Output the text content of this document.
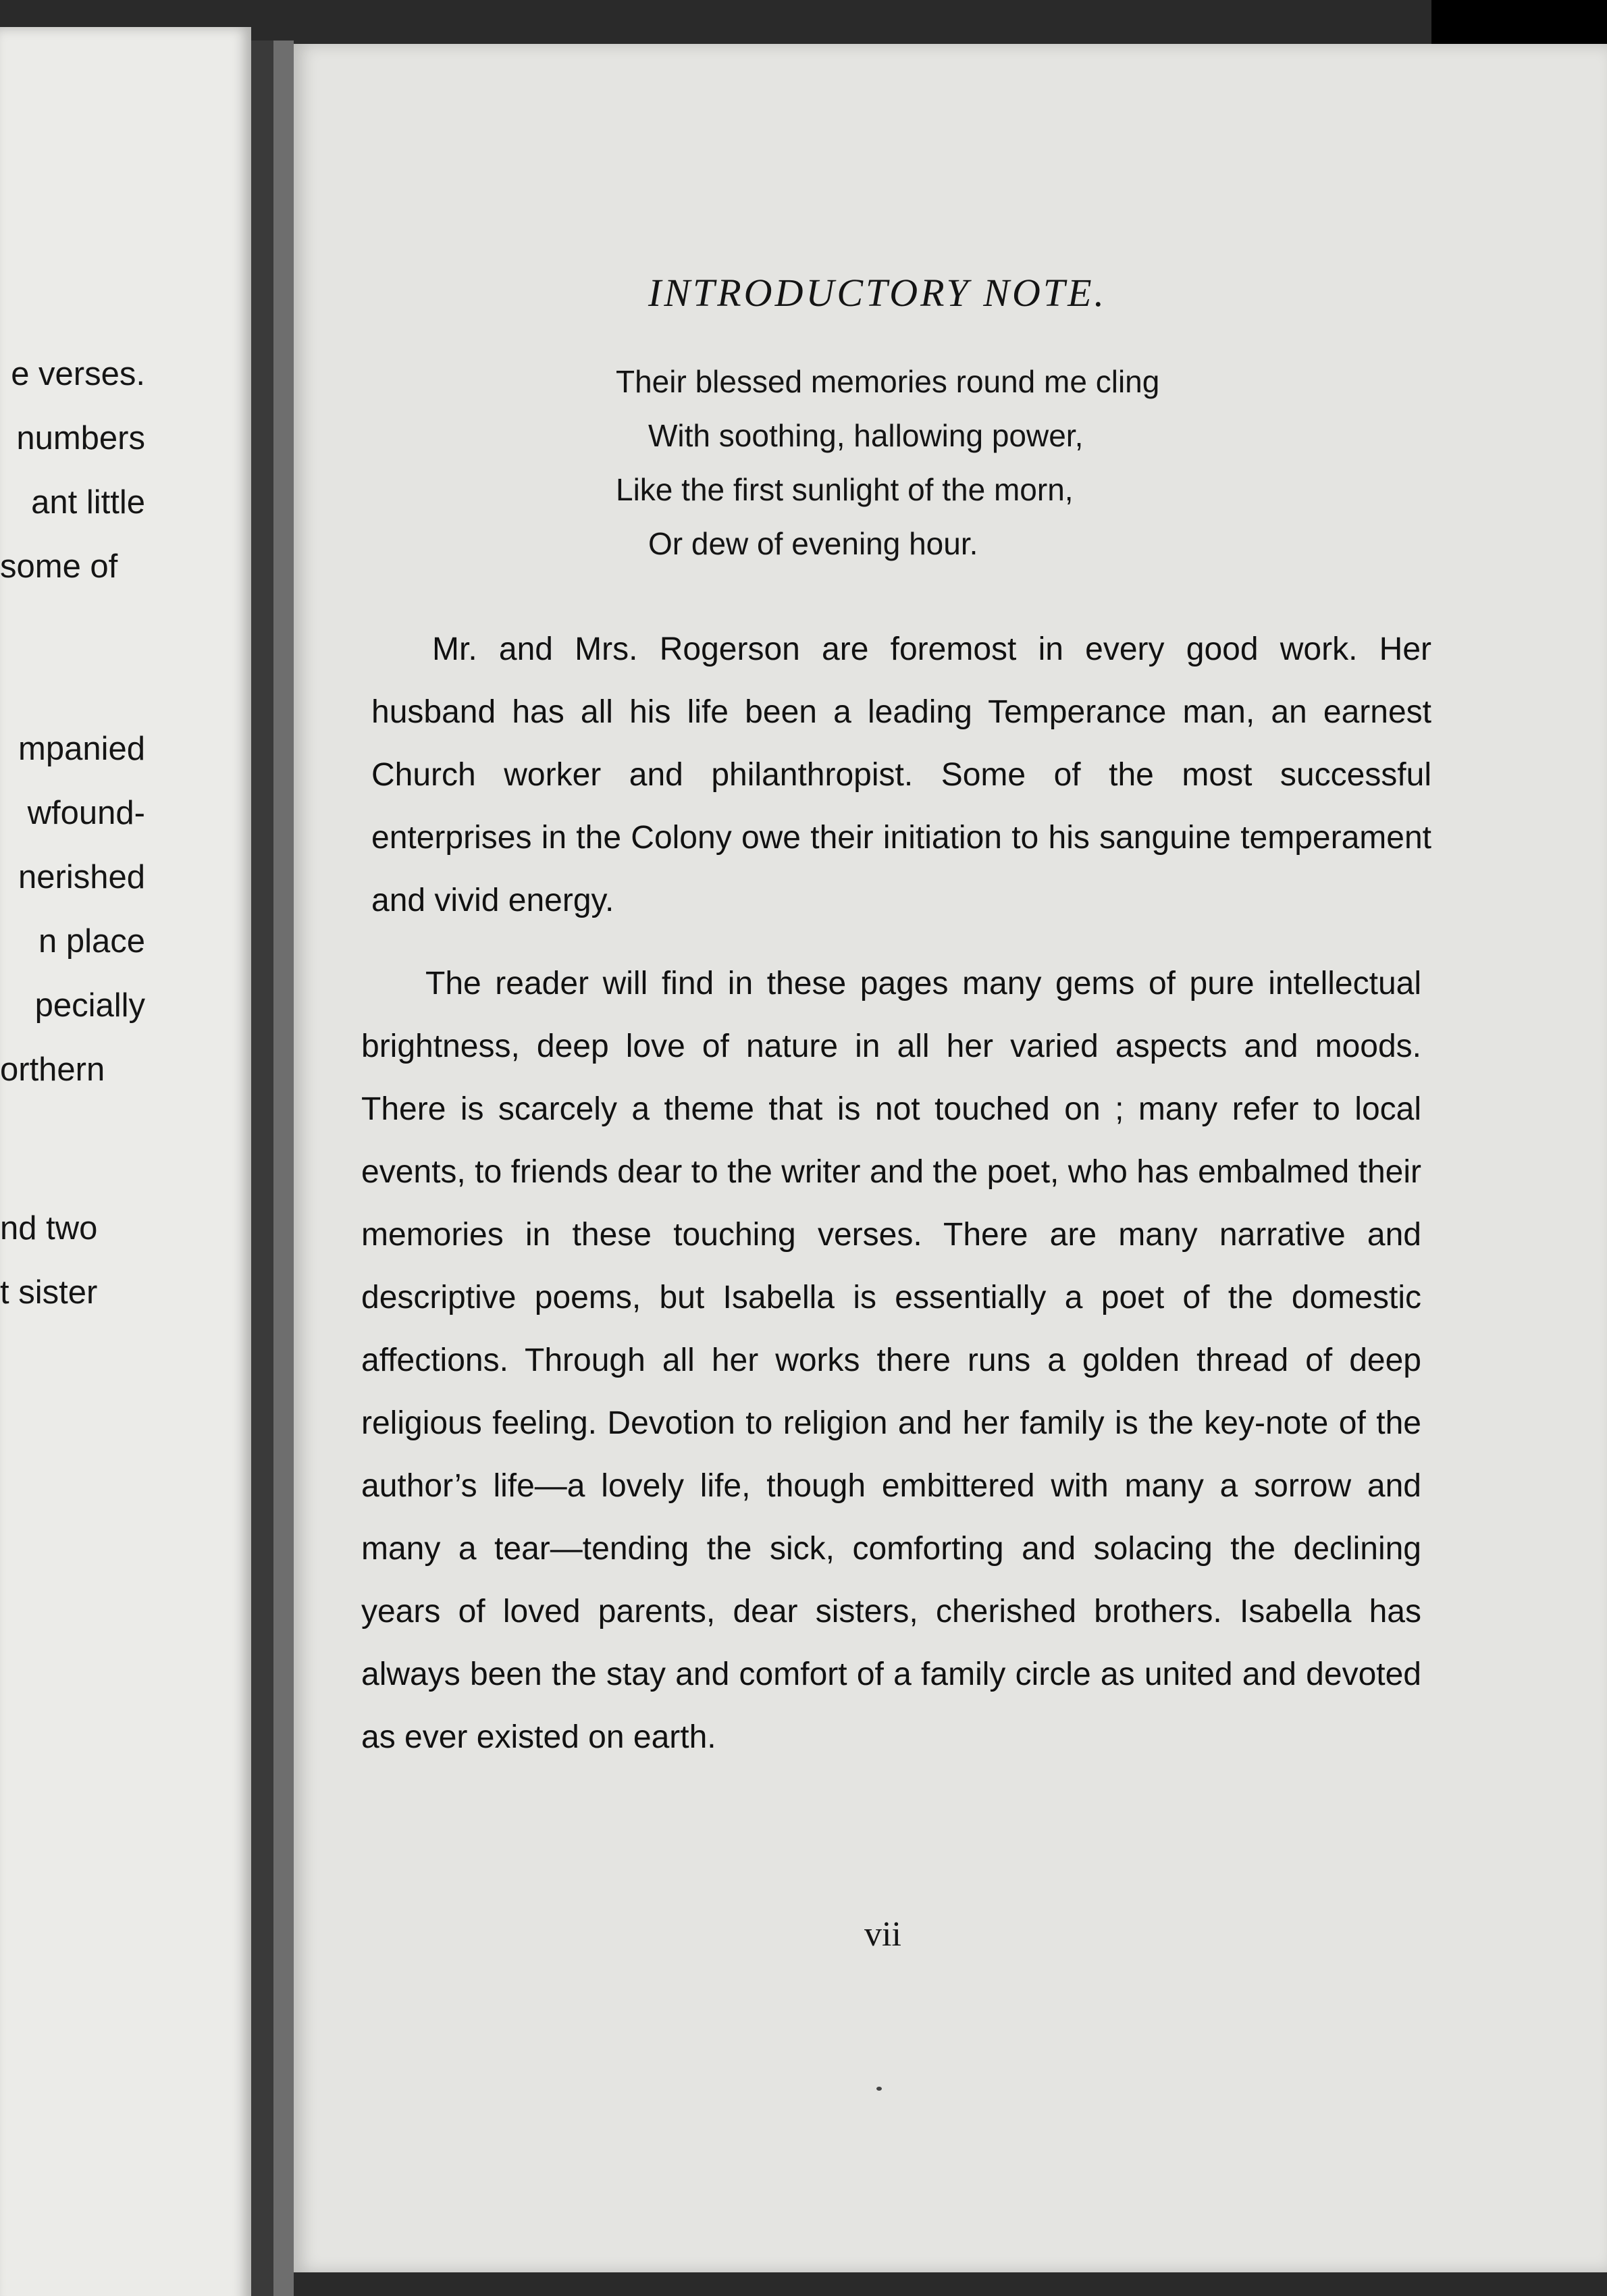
e verses.
numbers
ant little
some of
mpanied
wfound-
nerished
n place
pecially
orthern
nd two
t sister
INTRODUCTORY NOTE.
Their blessed memories round me cling
With soothing, hallowing power,
Like the first sunlight of the morn,
Or dew of evening hour.

Mr. and Mrs. Rogerson are foremost in every good work. Her husband has all his life been a leading Temperance man, an earnest Church worker and philanthropist. Some of the most successful enterprises in the Colony owe their initiation to his sanguine temperament and vivid energy.

The reader will find in these pages many gems of pure intellectual brightness, deep love of nature in all her varied aspects and moods. There is scarcely a theme that is not touched on ; many refer to local events, to friends dear to the writer and the poet, who has embalmed their memories in these touching verses. There are many narrative and descriptive poems, but Isabella is essentially a poet of the domestic affections. Through all her works there runs a golden thread of deep religious feeling. Devotion to religion and her family is the key-note of the author’s life—a lovely life, though embittered with many a sorrow and many a tear—tending the sick, comforting and solacing the declining years of loved parents, dear sisters, cherished brothers. Isabella has always been the stay and comfort of a family circle as united and devoted as ever existed on earth.

vii
